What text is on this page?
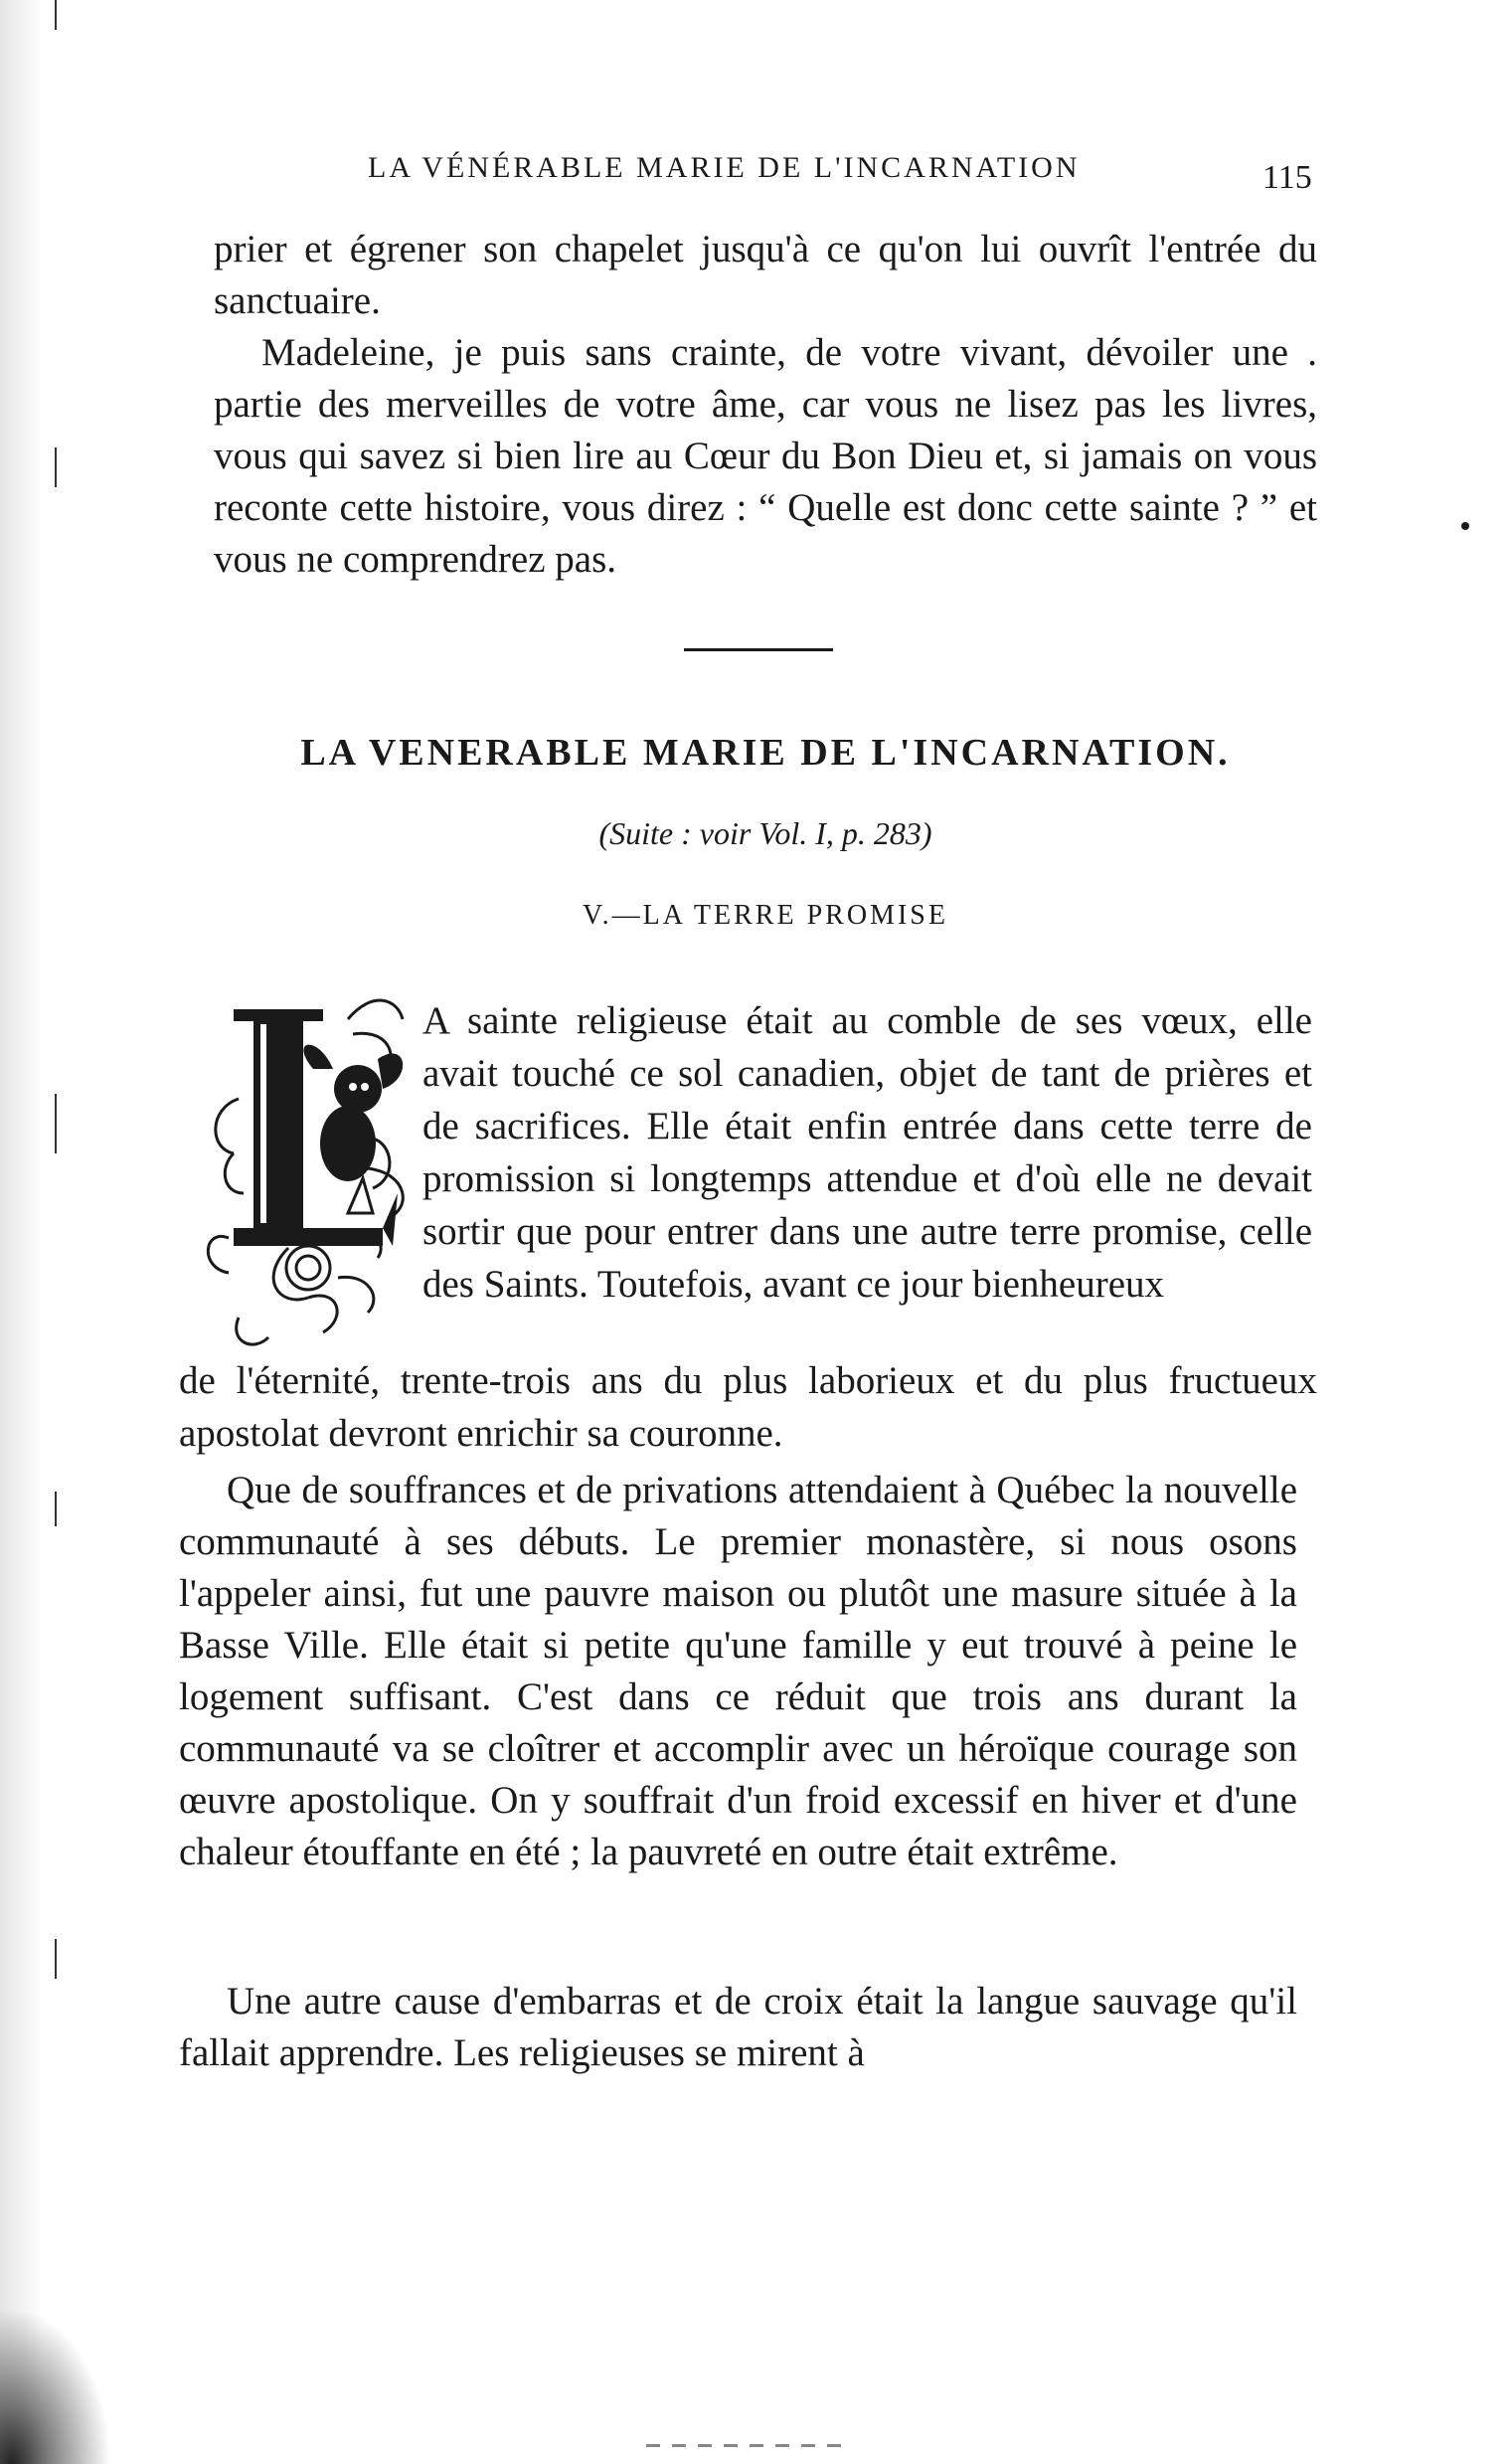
LA VÉNÉRABLE MARIE DE L'INCARNATION	115

prier et égrener son chapelet jusqu'à ce qu'on lui ouvrît l'entrée du sanctuaire.

Madeleine, je puis sans crainte, de votre vivant, dévoiler une . partie des merveilles de votre âme, car vous ne lisez pas les livres, vous qui savez si bien lire au Cœur du Bon Dieu et, si jamais on vous reconte cette histoire, vous direz : “ Quelle est donc cette sainte ? ” et vous ne comprendrez pas.

LA VENERABLE MARIE DE L'INCARNATION.
(Suite : voir Vol. I, p. 283)
V.—LA TERRE PROMISE
L

A sainte religieuse était au comble de ses vœux, elle avait touché ce sol canadien, objet de tant de prières et de sacrifices. Elle était enfin entrée dans cette terre de promission si longtemps attendue et d'où elle ne devait sortir que pour entrer dans une autre terre promise, celle des Saints. Toutefois, avant ce jour bienheureux

de l'éternité, trente-trois ans du plus laborieux et du plus fructueux apostolat devront enrichir sa couronne.

Que de souffrances et de privations attendaient à Québec la nouvelle communauté à ses débuts. Le premier monastère, si nous osons l'appeler ainsi, fut une pauvre maison ou plutôt une masure située à la Basse Ville. Elle était si petite qu'une famille y eut trouvé à peine le logement suffisant. C'est dans ce réduit que trois ans durant la communauté va se cloîtrer et accomplir avec un héroïque courage son œuvre apostolique. On y souffrait d'un froid excessif en hiver et d'une chaleur étouffante en été ; la pauvreté en outre était extrême.

Une autre cause d'embarras et de croix était la langue sauvage qu'il fallait apprendre. Les religieuses se mirent à
